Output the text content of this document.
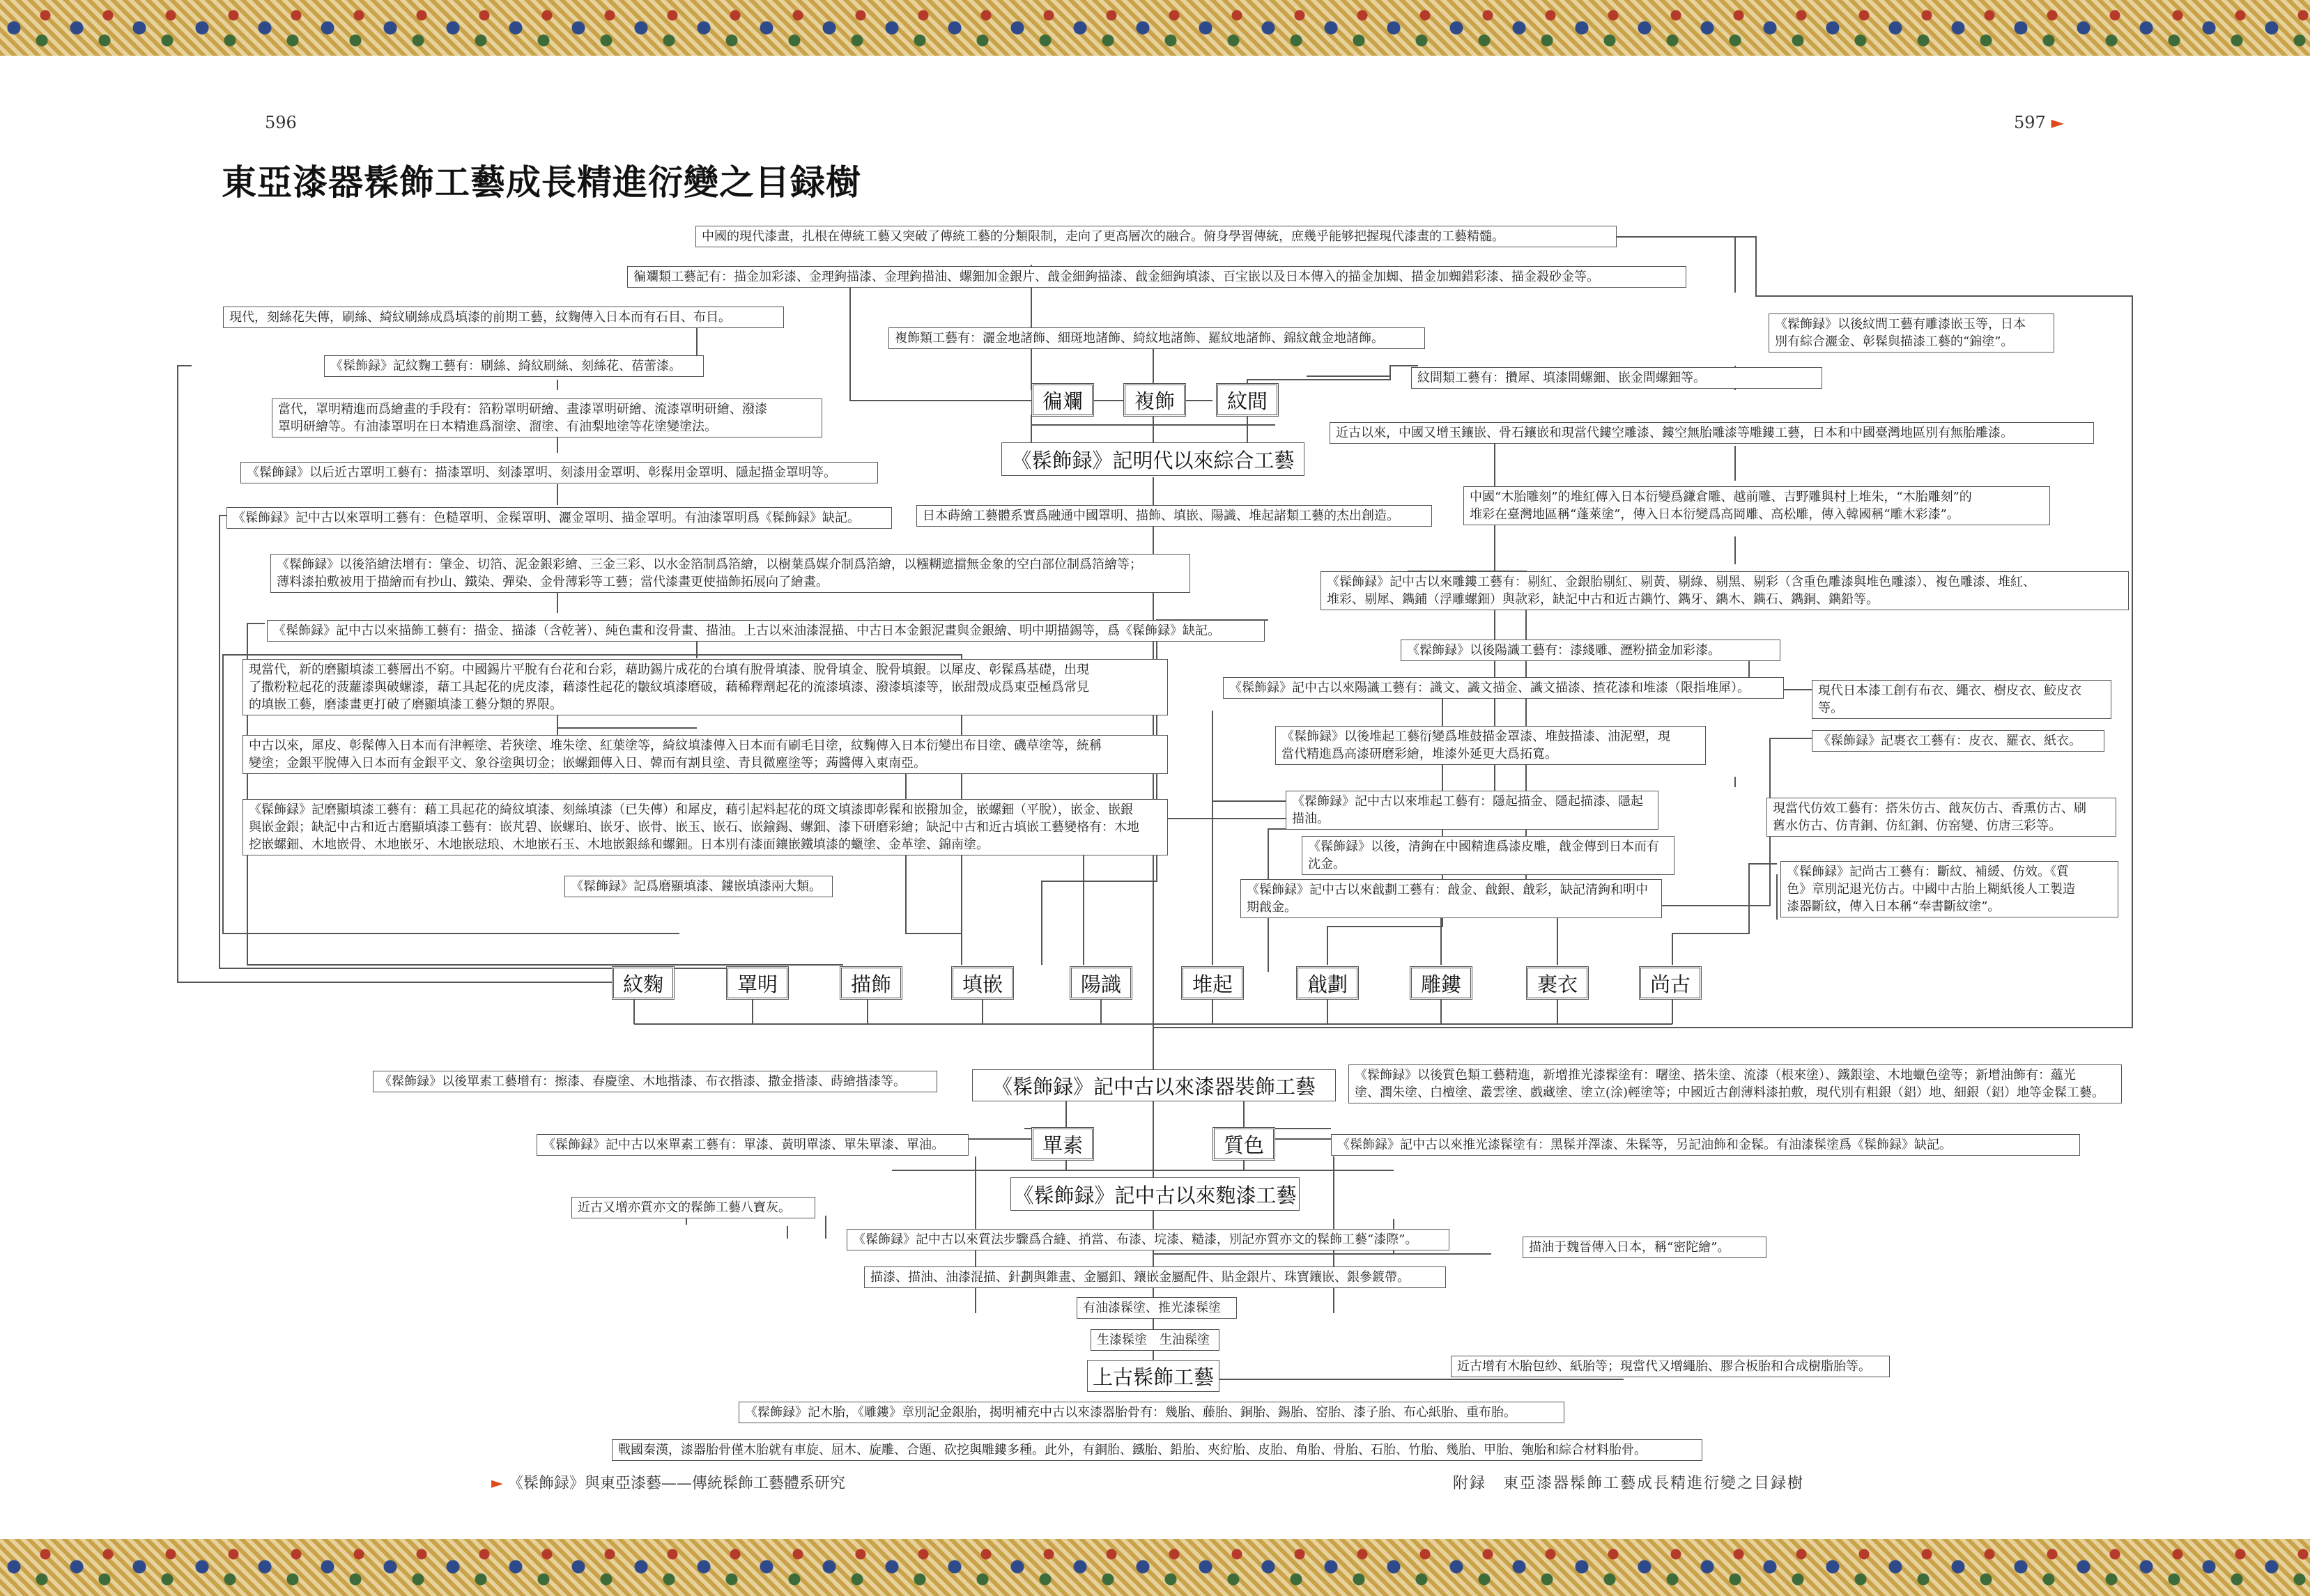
596	597 ►
東亞漆器髹飾工藝成長精進衍變之目録樹
中國的現代漆畫，扎根在傳統工藝又突破了傳統工藝的分類限制，走向了更高層次的融合。俯身學習傳統，庶幾乎能够把握現代漆畫的工藝精髓。
徧斕類工藝記有：描金加彩漆、金理鉤描漆、金理鉤描油、螺鈿加金銀片、戧金細鉤描漆、戧金細鉤填漆、百宝嵌以及日本傳入的描金加蜘、描金加蜘錯彩漆、描金殺砂金等。
複飾類工藝有：灑金地諸飾、細斑地諸飾、綺紋地諸飾、羅紋地諸飾、錦紋戧金地諸飾。
紋間類工藝有：攢犀、填漆間螺鈿、嵌金間螺鈿等。
《髹飾録》以後紋間工藝有雕漆嵌玉等，日本
別有綜合灑金、彰髹與描漆工藝的“錦塗”。
現代，刻絲花失傳，刷絲、綺紋刷絲成爲填漆的前期工藝，紋麴傳入日本而有石目、布目。
《髹飾録》記紋麴工藝有：刷絲、綺紋刷絲、刻絲花、蓓蕾漆。
當代，罩明精進而爲繪畫的手段有：箔粉罩明研繪、畫漆罩明研繪、流漆罩明研繪、潑漆
罩明研繪等。有油漆罩明在日本精進爲溜塗、溜塗、有油梨地塗等花塗變塗法。
《髹飾録》以后近古罩明工藝有：描漆罩明、刻漆罩明、刻漆用金罩明、彰髹用金罩明、隱起描金罩明等。
《髹飾録》記中古以來罩明工藝有：色糙罩明、金髹罩明、灑金罩明、描金罩明。有油漆罩明爲《髹飾録》缺記。	日本蒔繪工藝體系實爲融通中國罩明、描飾、填嵌、陽識、堆起諸類工藝的杰出創造。
《髹飾録》以後箔繪法增有：肇金、切箔、泥金銀彩繪、三金三彩、以水金箔制爲箔繪，以樹葉爲媒介制爲箔繪，以糨糊遮擋無金象的空白部位制爲箔繪等；
薄料漆拍敷被用于描繪而有抄山、鐵染、彈染、金骨薄彩等工藝；當代漆畫更使描飾拓展向了繪畫。
《髹飾録》記中古以來描飾工藝有：描金、描漆（含乾著）、純色畫和沒骨畫、描油。上古以來油漆混描、中古日本金銀泥畫與金銀繪、明中期描錫等，爲《髹飾録》缺記。
現當代，新的磨顯填漆工藝層出不窮。中國錫片平脫有台花和台彩，藉助錫片成花的台填有脫骨填漆、脫骨填金、脫骨填銀。以犀皮、彰髹爲基礎，出現
了撒粉粒起花的菠蘿漆與破螺漆，藉工具起花的虎皮漆，藉漆性起花的皺紋填漆磨破，藉稀釋劑起花的流漆填漆、潑漆填漆等，嵌甜殼成爲東亞極爲常見
的填嵌工藝，磨漆畫更打破了磨顯填漆工藝分類的界限。
中古以來，犀皮、彰髹傳入日本而有津輕塗、若狹塗、堆朱塗、紅葉塗等，綺紋填漆傳入日本而有刷毛目塗，紋麴傳入日本衍變出布目塗、磯草塗等，統稱
變塗；金銀平脫傳入日本而有金銀平文、象谷塗與切金；嵌螺鈿傳入日、韓而有割貝塗、青貝微塵塗等；蒟醬傳入東南亞。
《髹飾録》記磨顯填漆工藝有：藉工具起花的綺紋填漆、刻絲填漆（已失傳）和犀皮，藉引起料起花的斑文填漆即彰髹和嵌撥加金，嵌螺鈿（平脫），嵌金、嵌銀
與嵌金銀；缺記中古和近古磨顯填漆工藝有：嵌芃碧、嵌螺珀、嵌牙、嵌骨、嵌玉、嵌石、嵌鍮錫、螺鈿、漆下研磨彩繪；缺記中古和近古填嵌工藝變格有：木地
挖嵌螺鈿、木地嵌骨、木地嵌牙、木地嵌琺琅、木地嵌石玉、木地嵌銀絲和螺鈿。日本別有漆面鑲嵌鐵填漆的蠟塗、金革塗、錦南塗。
《髹飾録》記爲磨顯填漆、鏤嵌填漆兩大類。
近古以來，中國又增玉鑲嵌、骨石鑲嵌和現當代鏤空雕漆、鏤空無胎雕漆等雕鏤工藝，日本和中國臺灣地區別有無胎雕漆。
中國“木胎雕刻”的堆紅傳入日本衍變爲鎌倉雕、越前雕、吉野雕與村上堆朱，“木胎雕刻”的
堆彩在臺灣地區稱“蓬萊塗”，傳入日本衍變爲高岡雕、高松雕，傳入韓國稱“雕木彩漆”。
《髹飾録》記中古以來雕鏤工藝有：剔紅、金銀胎剔紅、剔黃、剔綠、剔黑、剔彩（含重色雕漆與堆色雕漆）、複色雕漆、堆紅、
堆彩、剔犀、鐫鋪（浮雕螺鈿）與款彩，缺記中古和近古鐫竹、鐫牙、鐫木、鐫石、鐫銅、鐫鉛等。
《髹飾録》以後陽識工藝有：漆綫雕、瀝粉描金加彩漆。
《髹飾録》記中古以來陽識工藝有：識文、識文描金、識文描漆、揸花漆和堆漆（限指堆犀）。	現代日本漆工創有布衣、繩衣、樹皮衣、鮫皮衣等。
《髹飾録》記裹衣工藝有：皮衣、羅衣、紙衣。
《髹飾録》以後堆起工藝衍變爲堆鼓描金罩漆、堆鼓描漆、油泥塑，現
當代精進爲高漆研磨彩繪，堆漆外延更大爲拓寬。
《髹飾録》記中古以來堆起工藝有：隱起描金、隱起描漆、隱起描油。
現當代仿效工藝有：搭朱仿古、戧灰仿古、香熏仿古、刷
舊水仿古、仿青銅、仿紅銅、仿窑變、仿唐三彩等。
《髹飾録》以後，清鉤在中國精進爲漆皮雕，戧金傳到日本而有沈金。
《髹飾録》記尚古工藝有：斷紋、補緩、仿效。《質
色》章別記退光仿古。中國中古胎上糊紙後人工製造
漆器斷紋，傳入日本稱“奉書斷紋塗”。
《髹飾録》記中古以來戧劃工藝有：戧金、戧銀、戧彩，缺記清鉤和明中期戧金。
《髹飾録》以後單素工藝增有：擦漆、春慶塗、木地揩漆、布衣揩漆、撒金揩漆、蒔繪揩漆等。	《髹飾録》以後質色類工藝精進，新增推光漆髹塗有：曙塗、搭朱塗、流漆（根來塗）、鐵銀塗、木地蠟色塗等；新增油飾有：蘊光
塗、潤朱塗、白檀塗、叢雲塗、戲藏塗、塗立(涂)輕塗等；中國近古創薄料漆拍敷，現代別有粗銀（鋁）地、細銀（鋁）地等金髹工藝。
《髹飾録》記中古以來單素工藝有：單漆、黃明單漆、單朱單漆、單油。	《髹飾録》記中古以來推光漆髹塗有：黑髹并澤漆、朱髹等，另記油飾和金髹。有油漆髹塗爲《髹飾録》缺記。
近古又增亦質亦文的髹飾工藝八寶灰。
《髹飾録》記中古以來質法步驟爲合縫、捎當、布漆、垸漆、糙漆，別記亦質亦文的髹飾工藝“漆際”。
描油于魏晉傳入日本，稱“密陀繪”。
描漆、描油、油漆混描、針劃與錐畫、金屬釦、鑲嵌金屬配件、貼金銀片、珠寶鑲嵌、銀參鍍帶。
有油漆髹塗、推光漆髹塗
生漆髹塗　生油髹塗
近古增有木胎包紗、紙胎等；現當代又增繩胎、膠合板胎和合成樹脂胎等。
《髹飾録》記木胎，《雕鏤》章別記金銀胎，揭明補充中古以來漆器胎骨有：幾胎、藤胎、銅胎、錫胎、窑胎、漆子胎、布心紙胎、重布胎。
戰國秦漢，漆器胎骨僅木胎就有車旋、屈木、旋雕、合題、砍挖與雕鏤多種。此外，有銅胎、鐵胎、鉛胎、夾紵胎、皮胎、角胎、骨胎、石胎、竹胎、幾胎、甲胎、匏胎和綜合材料胎骨。
徧斕	複飾	紋間
《髹飾録》記明代以來綜合工藝
紋麴	罩明	描飾	填嵌	陽識	堆起	戧劃	雕鏤	裹衣	尚古
《髹飾録》記中古以來漆器裝飾工藝
單素	質色
《髹飾録》記中古以來麭漆工藝
上古髹飾工藝
► 《髹飾録》與東亞漆藝——傳統髹飾工藝體系研究	附録　東亞漆器髹飾工藝成長精進衍變之目録樹
